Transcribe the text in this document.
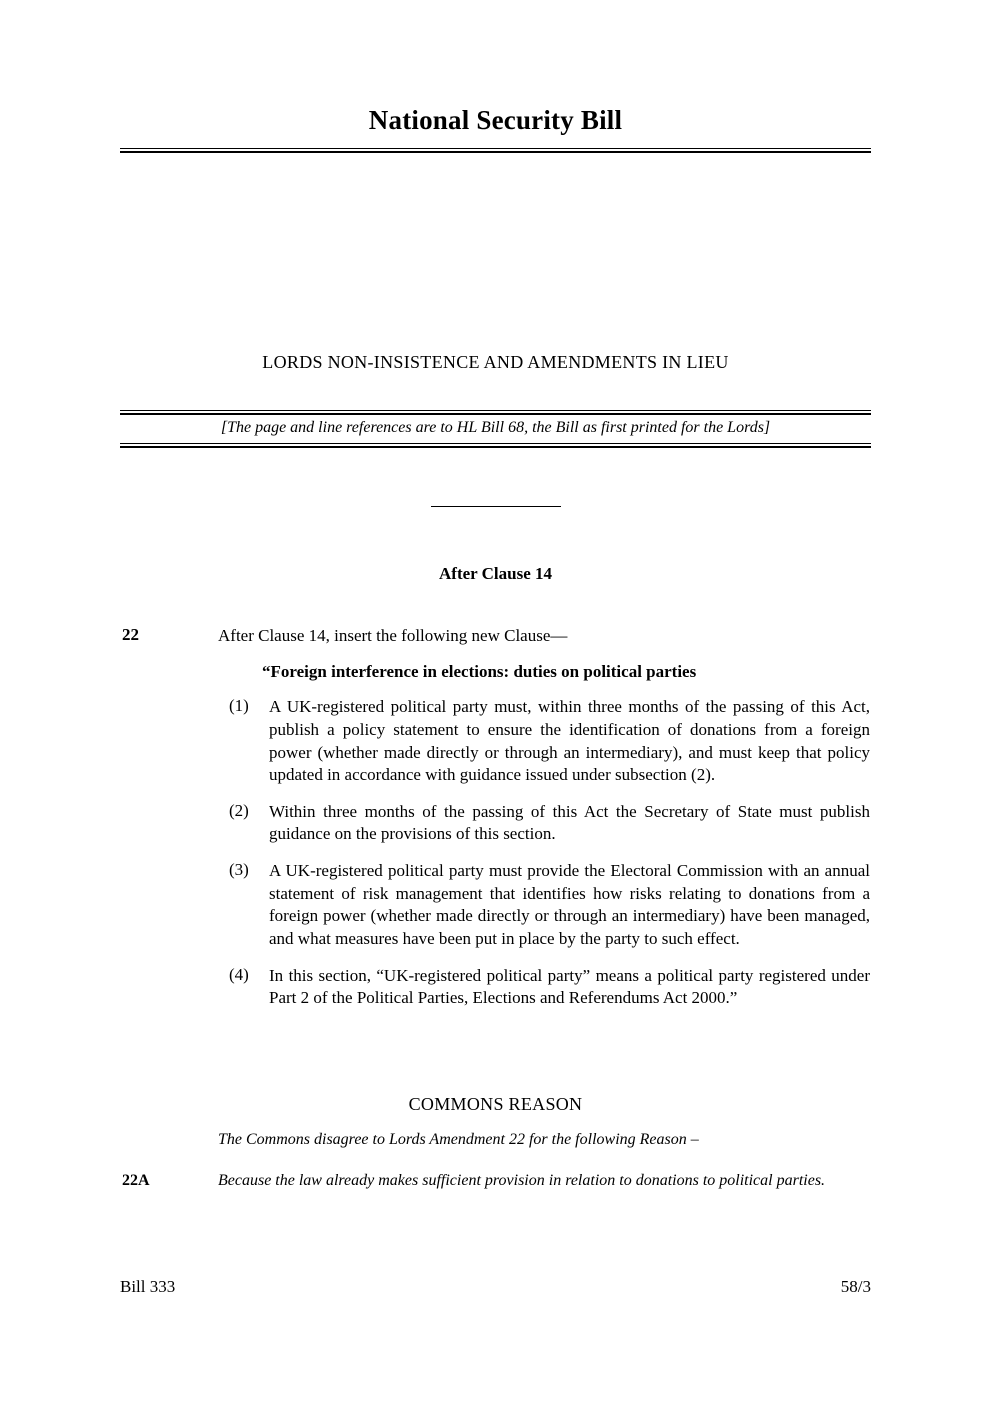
National Security Bill
LORDS NON-INSISTENCE AND AMENDMENTS IN LIEU
[The page and line references are to HL Bill 68, the Bill as first printed for the Lords]
After Clause 14
22	After Clause 14, insert the following new Clause—
“Foreign interference in elections: duties on political parties
(1)	A UK-registered political party must, within three months of the passing of this Act, publish a policy statement to ensure the identification of donations from a foreign power (whether made directly or through an intermediary), and must keep that policy updated in accordance with guidance issued under subsection (2).
(2)	Within three months of the passing of this Act the Secretary of State must publish guidance on the provisions of this section.
(3)	A UK-registered political party must provide the Electoral Commission with an annual statement of risk management that identifies how risks relating to donations from a foreign power (whether made directly or through an intermediary) have been managed, and what measures have been put in place by the party to such effect.
(4)	In this section, “UK-registered political party” means a political party registered under Part 2 of the Political Parties, Elections and Referendums Act 2000.”
COMMONS REASON
The Commons disagree to Lords Amendment 22 for the following Reason –
22A	Because the law already makes sufficient provision in relation to donations to political parties.
Bill 333	58/3
